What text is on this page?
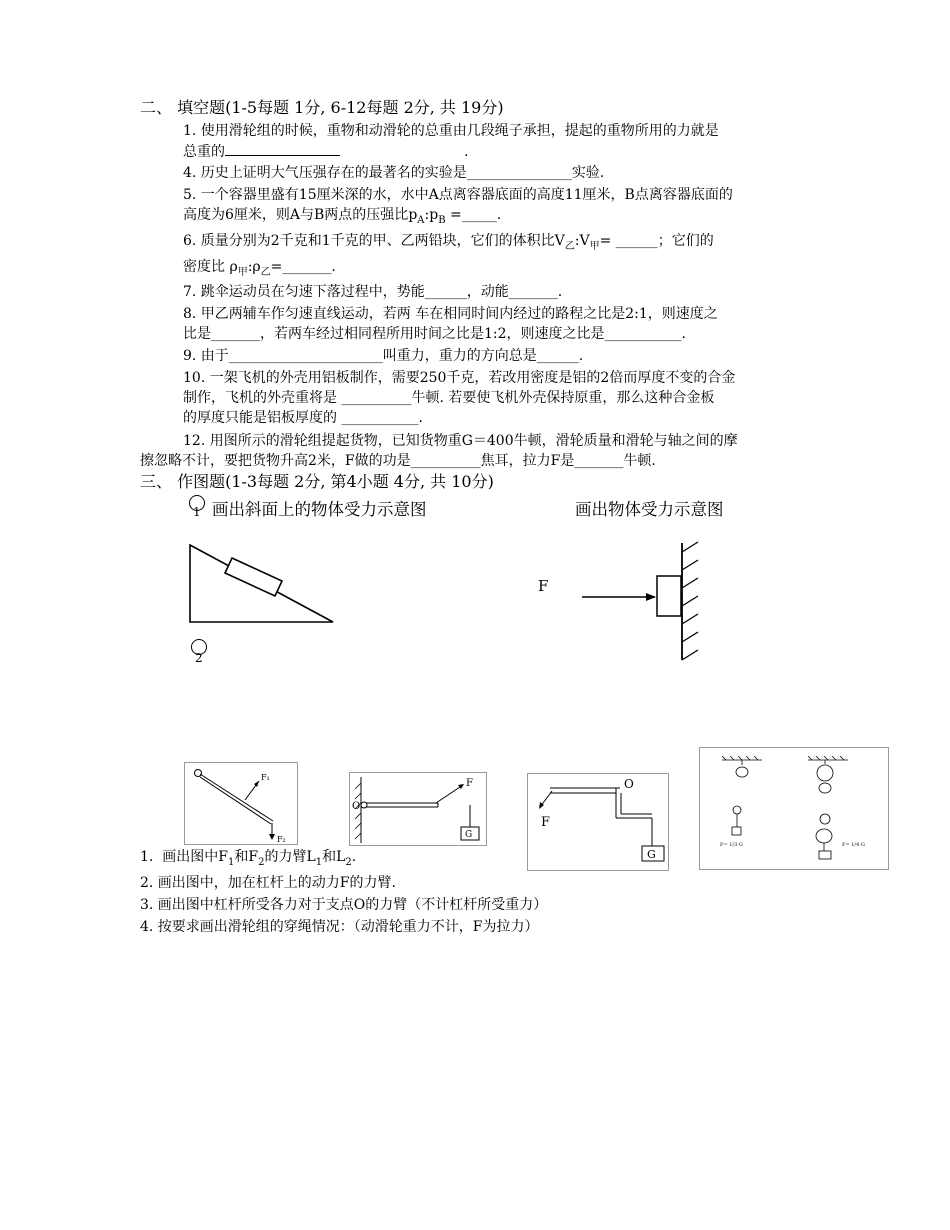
二、 填空题(1-5每题 1分, 6-12每题 2分, 共 19分)
1. 使用滑轮组的时候，重物和动滑轮的总重由几段绳子承担，提起的重物所用的力就是
总重的	.
4. 历史上证明大气压强存在的最著名的实验是_______________实验.
5. 一个容器里盛有15厘米深的水，水中A点离容器底面的高度11厘米，B点离容器底面的
高度为6厘米，则A与B两点的压强比$p_A:p_B$ =_____.
6. 质量分别为2千克和1千克的甲、乙两铅块，它们的体积比$V_乙:V_甲=$ ______；它们的
密度比 $\rho_甲:\rho_乙=\_\_\_\_\_\_\_$.
7. 跳伞运动员在匀速下落过程中，势能______，动能_______.
8. 甲乙两辅车作匀速直线运动，若两 车在相同时间内经过的路程之比是2:1，则速度之
比是_______，若两车经过相同程所用时间之比是1:2，则速度之比是___________.
9. 由于______________________叫重力，重力的方向总是______.
10. 一架飞机的外壳用铝板制作，需要250千克，若改用密度是铝的2倍而厚度不变的合金
制作，飞机的外壳重将是 __________牛顿. 若要使飞机外壳保持原重，那么这种合金板
的厚度只能是铝板厚度的 ___________.
12. 用图所示的滑轮组提起货物，已知货物重G＝400牛顿，滑轮质量和滑轮与轴之间的摩
擦忽略不计，要把货物升高2米，F做的功是__________焦耳，拉力F是_______牛顿.
三、 作图题(1-3每题 2分, 第4小题 4分, 共 10分)
1 画出斜面上的物体受力示意图	画出物体受力示意图
2
F
F₁
F₂
O
F
G
O
F
G
F= 1/3 G	F= 1/4 G
1. 画出图中$F_1$和$F_2$的力臂$L_1$和$L_2$.
2. 画出图中，加在杠杆上的动力F的力臂.
3. 画出图中杠杆所受各力对于支点O的力臂（不计杠杆所受重力）
4. 按要求画出滑轮组的穿绳情况：（动滑轮重力不计，F为拉力）
